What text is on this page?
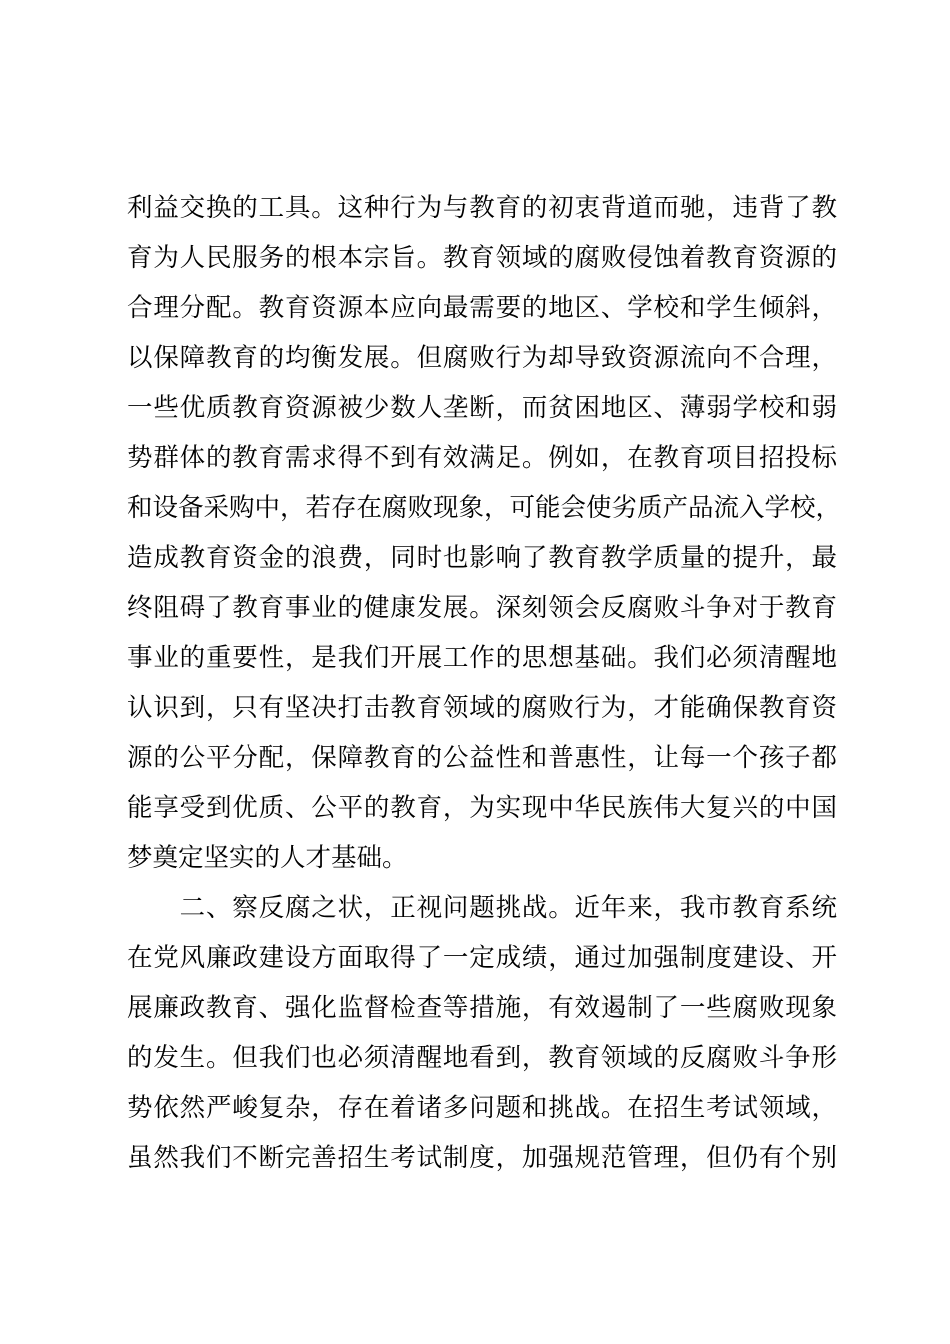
利益交换的工具。这种行为与教育的初衷背道而驰，违背了教
育为人民服务的根本宗旨。教育领域的腐败侵蚀着教育资源的
合理分配。教育资源本应向最需要的地区、学校和学生倾斜，
以保障教育的均衡发展。但腐败行为却导致资源流向不合理，
一些优质教育资源被少数人垄断，而贫困地区、薄弱学校和弱
势群体的教育需求得不到有效满足。例如，在教育项目招投标
和设备采购中，若存在腐败现象，可能会使劣质产品流入学校，
造成教育资金的浪费，同时也影响了教育教学质量的提升，最
终阻碍了教育事业的健康发展。深刻领会反腐败斗争对于教育
事业的重要性，是我们开展工作的思想基础。我们必须清醒地
认识到，只有坚决打击教育领域的腐败行为，才能确保教育资
源的公平分配，保障教育的公益性和普惠性，让每一个孩子都
能享受到优质、公平的教育，为实现中华民族伟大复兴的中国
梦奠定坚实的人才基础。
　　二、察反腐之状，正视问题挑战。近年来，我市教育系统
在党风廉政建设方面取得了一定成绩，通过加强制度建设、开
展廉政教育、强化监督检查等措施，有效遏制了一些腐败现象
的发生。但我们也必须清醒地看到，教育领域的反腐败斗争形
势依然严峻复杂，存在着诸多问题和挑战。在招生考试领域，
虽然我们不断完善招生考试制度，加强规范管理，但仍有个别
